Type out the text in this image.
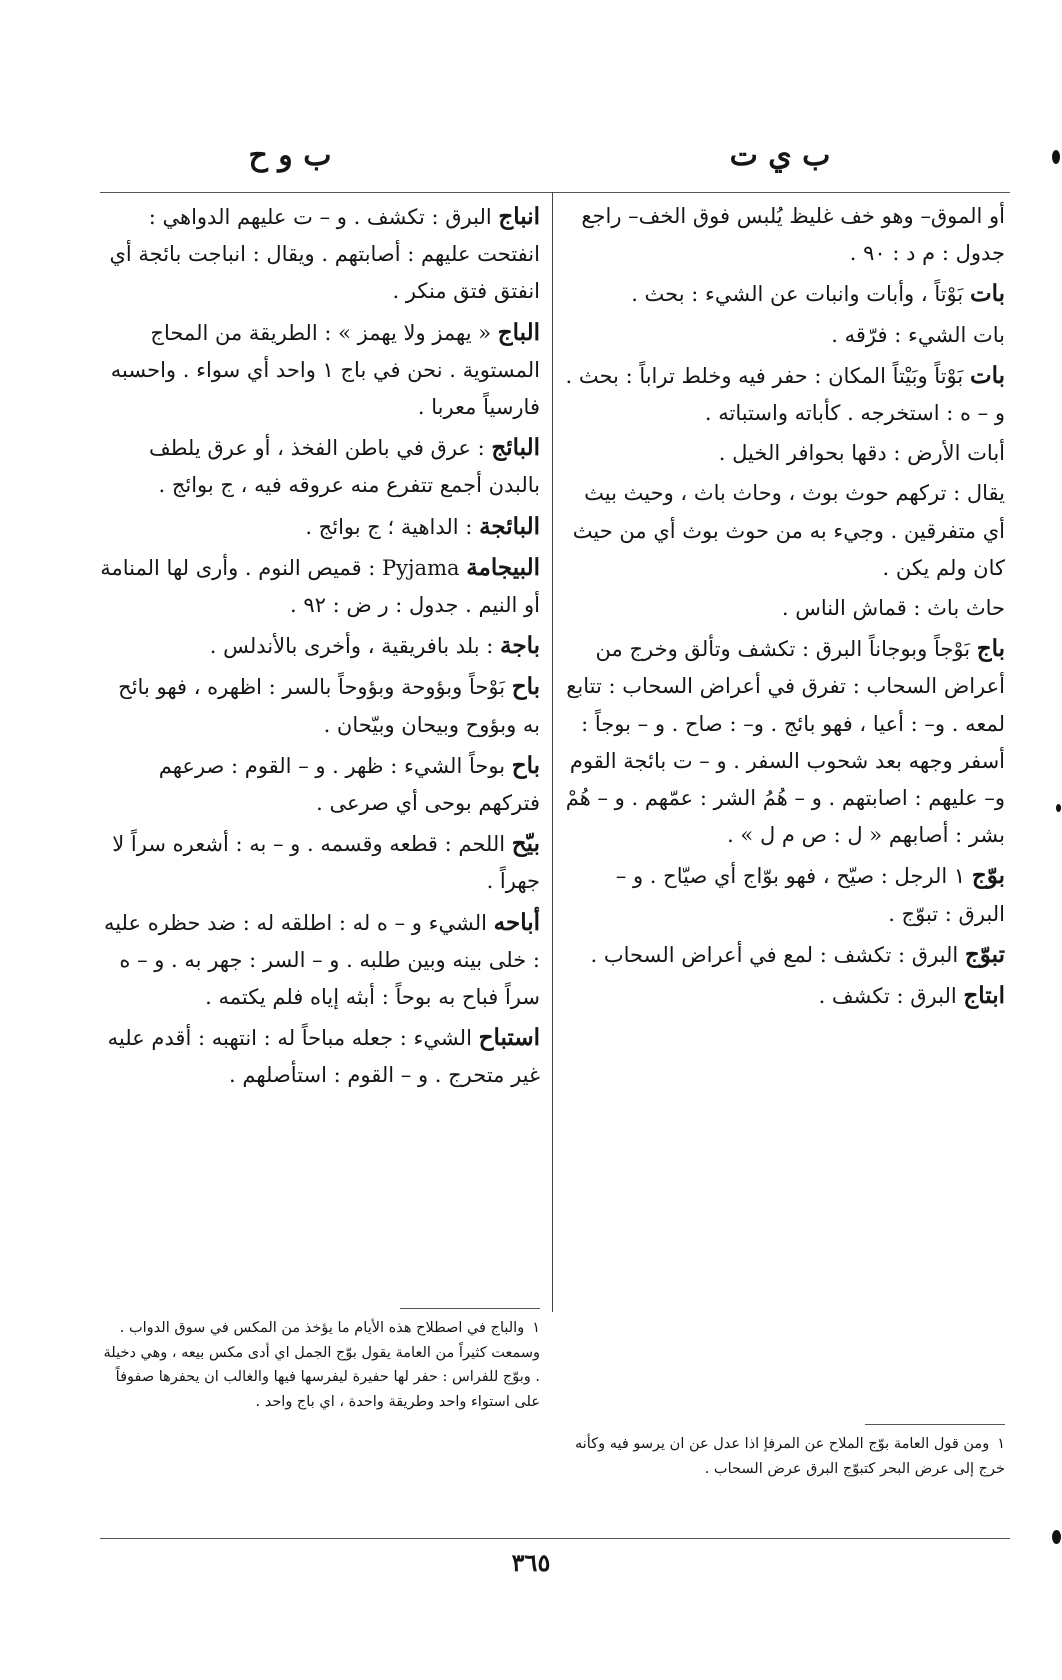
ب ي ت
ب و ح

أو الموق– وهو خف غليظ يُلبس فوق الخف– راجع جدول : م د : ٩٠ .

بات بَوْتاً ، وأبات وانبات عن الشيء : بحث .

بات الشيء : فرّقه .

بات بَوْتاً وبَيْتاً المكان : حفر فيه وخلط تراباً : بحث . و – ه : استخرجه . كأباته واستباته .

أبات الأرض : دقها بحوافر الخيل .

يقال : تركهم حوث بوث ، وحاث باث ، وحيث بيث أي متفرقين . وجيء به من حوث بوث أي من حيث كان ولم يكن .

حاث باث : قماش الناس .

باج بَوْجاً وبوجاناً البرق : تكشف وتألق وخرج من أعراض السحاب : تفرق في أعراض السحاب : تتابع لمعه . و– : أعيا ، فهو بائج . و– : صاح . و – بوجاً : أسفر وجهه بعد شحوب السفر . و – ت بائجة القوم و– عليهم : اصابتهم . و – هُمُ الشر : عمّهم . و – هُمْ بشر : أصابهم « ل : ص م ل » .

بوّج ١ الرجل : صيّح ، فهو بوّاج أي صيّاح . و – البرق : تبوّج .

تبوّج البرق : تكشف : لمع في أعراض السحاب .

ابتاج البرق : تكشف .

انباج البرق : تكشف . و – ت عليهم الدواهي : انفتحت عليهم : أصابتهم . ويقال : انباجت بائجة أي انفتق فتق منكر .

الباج « يهمز ولا يهمز » : الطريقة من المحاج المستوية . نحن في باج ١ واحد أي سواء . واحسبه فارسياً معربا .

البائج : عرق في باطن الفخذ ، أو عرق يلطف بالبدن أجمع تتفرع منه عروقه فيه ، ج بوائج .

البائجة : الداهية ؛ ج بوائج .

البيجامة Pyjama : قميص النوم . وأرى لها المنامة أو النيم . جدول : ر ض : ٩٢ .

باجة : بلد بافريقية ، وأخرى بالأندلس .

باح بَوْحاً وبؤوحة وبؤوحاً بالسر : اظهره ، فهو بائح به وبؤوح وبيحان وبيّحان .

باح بوحاً الشيء : ظهر . و – القوم : صرعهم فتركهم بوحى أي صرعى .

بيّح اللحم : قطعه وقسمه . و – به : أشعره سراً لا جهراً .

أباحه الشيء و – ه له : اطلقه له : ضد حظره عليه : خلى بينه وبين طلبه . و – السر : جهر به . و – ه سراً فباح به بوحاً : أبثه إياه فلم يكتمه .

استباح الشيء : جعله مباحاً له : انتهبه : أقدم عليه غير متحرج . و – القوم : استأصلهم .

١والباج في اصطلاح هذه الأيام ما يؤخذ من المكس في سوق الدواب . وسمعت كثيراً من العامة يقول بوّج الجمل اي أدى مكس بيعه ، وهي دخيلة . وبوّج للفراس : حفر لها حفيرة ليفرسها فيها والغالب ان يحفرها صفوفاً على استواء واحد وطريقة واحدة ، اي باج واحد .
١ومن قول العامة بوّج الملاح عن المرفإ اذا عدل عن ان يرسو فيه وكأنه خرج إلى عرض البحر كتبوّج البرق عرض السحاب .
٣٦٥
